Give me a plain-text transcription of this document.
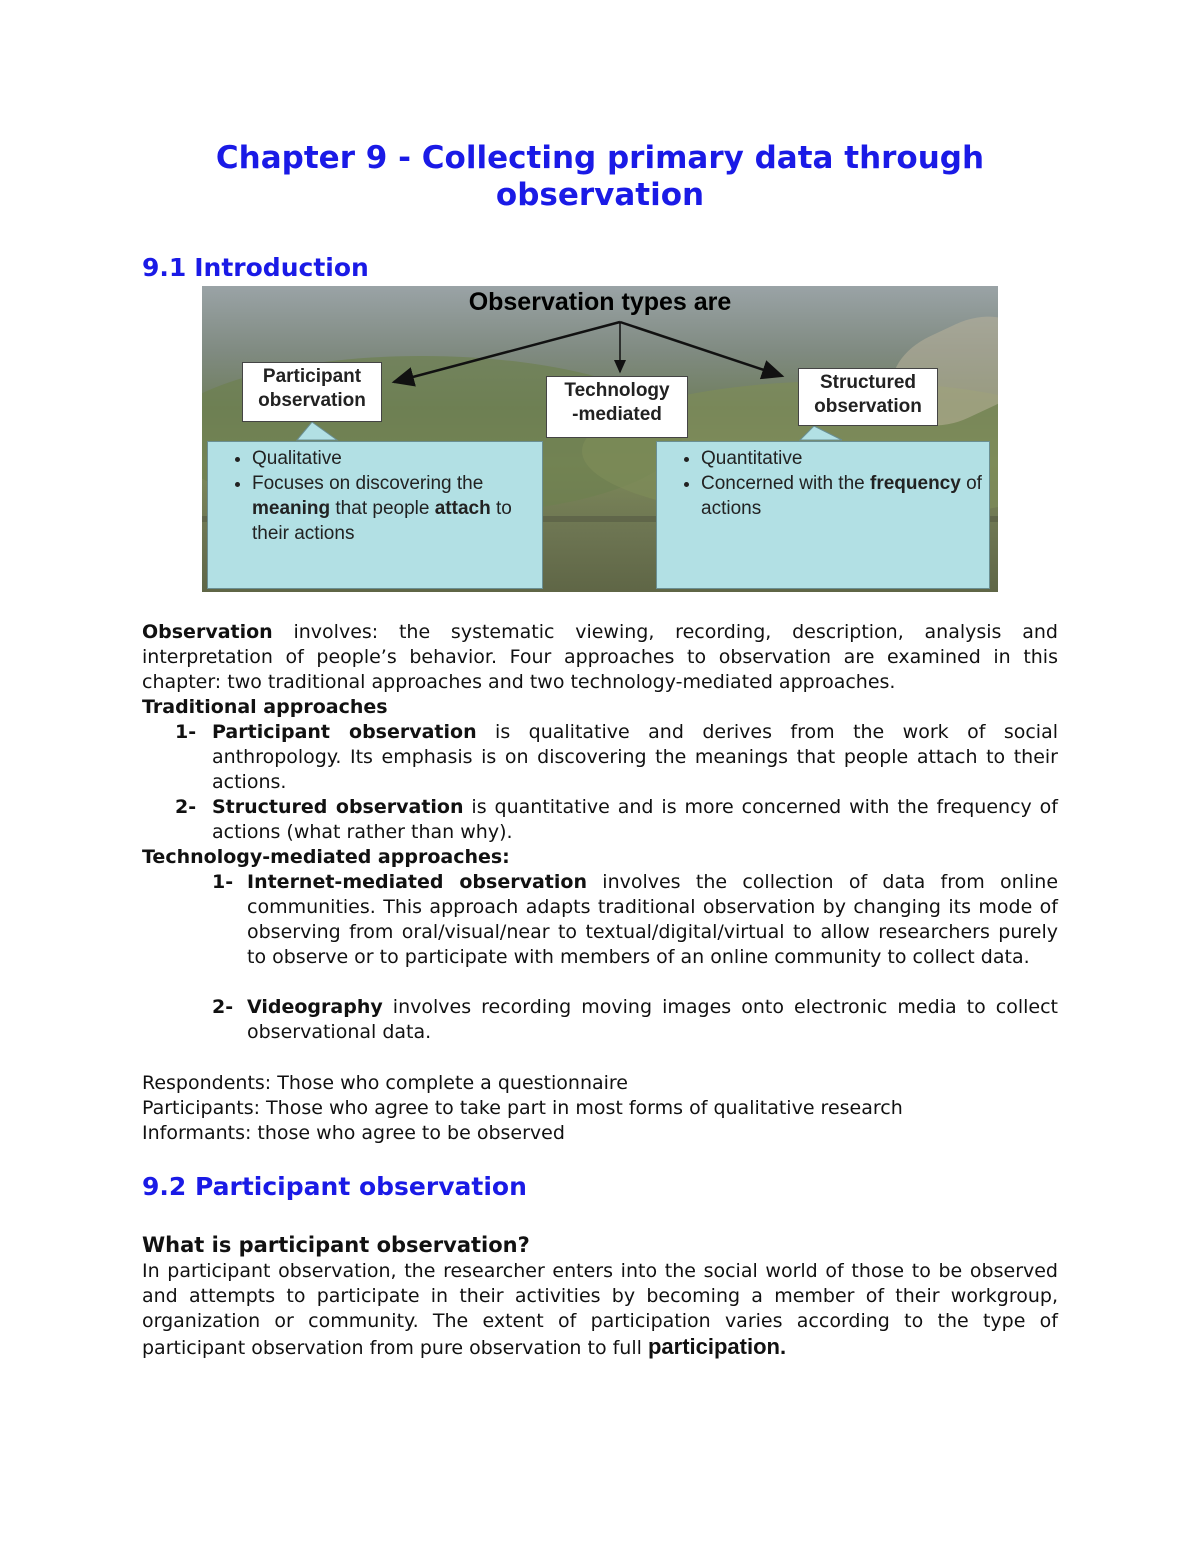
Chapter 9 - Collecting primary data through
observation
9.1 Introduction
Observation types are
Participant
observation	Technology
-mediated
Structured
observation
• Qualitative
• Focuses on discovering the meaning that people attach to their actions
• Quantitative
• Concerned with the frequency of actions

Observation involves: the systematic viewing, recording, description, analysis and interpretation of people’s behavior. Four approaches to observation are examined in this chapter: two traditional approaches and two technology-mediated approaches.

Traditional approaches

1- Participant observation is qualitative and derives from the work of social anthropology. Its emphasis is on discovering the meanings that people attach to their actions.
2- Structured observation is quantitative and is more concerned with the frequency of actions (what rather than why).

Technology-mediated approaches:

1- Internet-mediated observation involves the collection of data from online communities. This approach adapts traditional observation by changing its mode of observing from oral/visual/near to textual/digital/virtual to allow researchers purely to observe or to participate with members of an online community to collect data.
2- Videography involves recording moving images onto electronic media to collect observational data.

Respondents: Those who complete a questionnaire
Participants: Those who agree to take part in most forms of qualitative research
Informants: those who agree to be observed

9.2 Participant observation
What is participant observation?

In participant observation, the researcher enters into the social world of those to be observed and attempts to participate in their activities by becoming a member of their workgroup, organization or community. The extent of participation varies according to the type of participant observation from pure observation to full participation.
